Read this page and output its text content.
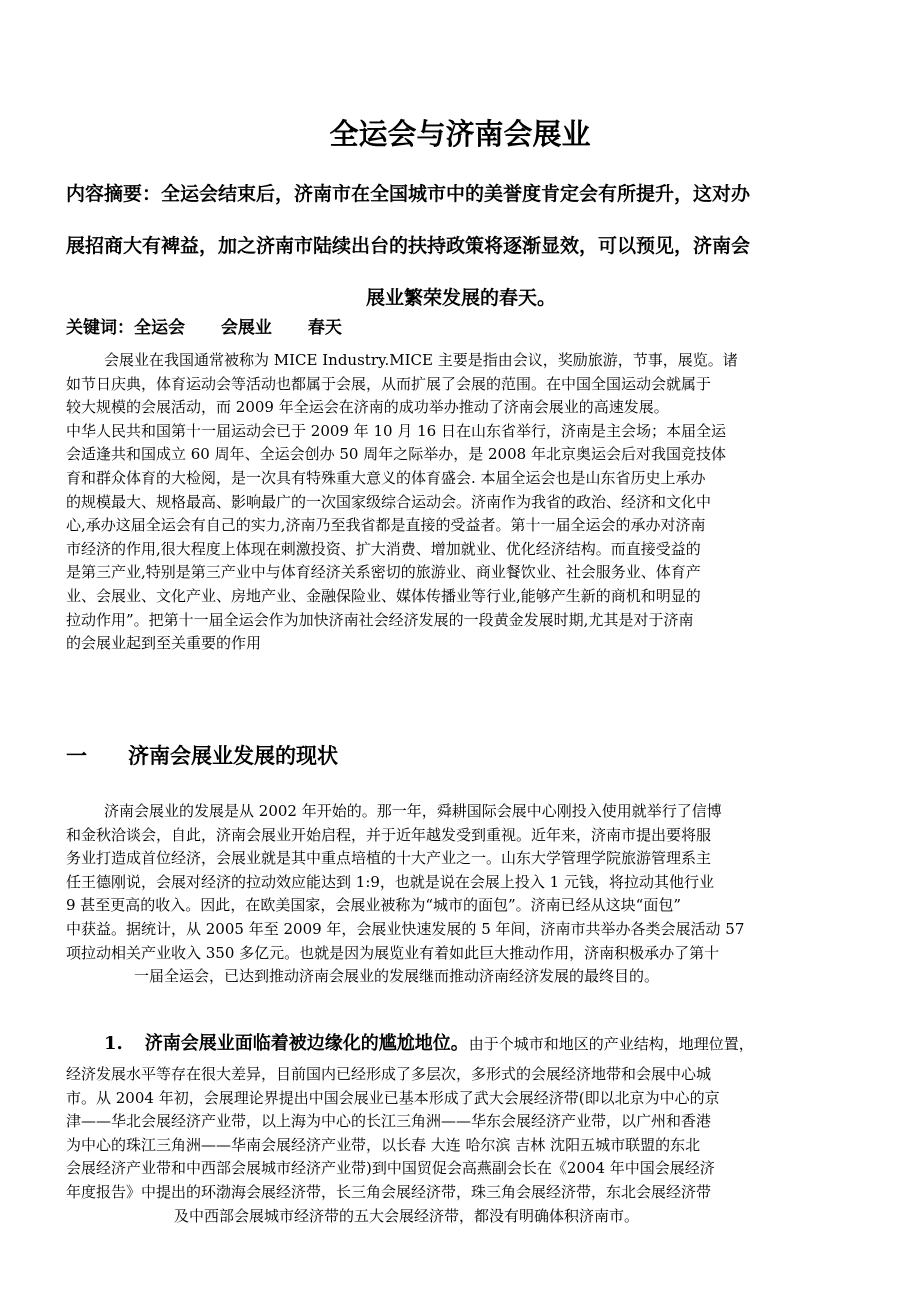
全运会与济南会展业
内容摘要：全运会结束后，济南市在全国城市中的美誉度肯定会有所提升，这对办
展招商大有裨益，加之济南市陆续出台的扶持政策将逐渐显效，可以预见，济南会
展业繁荣发展的春天。
关键词：全运会 会展业 春天
会展业在我国通常被称为 MICE Industry.MICE 主要是指由会议，奖励旅游，节事，展览。诸
如节日庆典，体育运动会等活动也都属于会展，从而扩展了会展的范围。在中国全国运动会就属于
较大规模的会展活动，而 2009 年全运会在济南的成功举办推动了济南会展业的高速发展。
中华人民共和国第十一届运动会已于 2009 年 10 月 16 日在山东省举行，济南是主会场；本届全运
会适逢共和国成立 60 周年、全运会创办 50 周年之际举办，是 2008 年北京奥运会后对我国竞技体
育和群众体育的大检阅，是一次具有特殊重大意义的体育盛会. 本届全运会也是山东省历史上承办
的规模最大、规格最高、影响最广的一次国家级综合运动会。济南作为我省的政治、经济和文化中
心,承办这届全运会有自己的实力,济南乃至我省都是直接的受益者。第十一届全运会的承办对济南
市经济的作用,很大程度上体现在刺激投资、扩大消费、增加就业、优化经济结构。而直接受益的
是第三产业,特别是第三产业中与体育经济关系密切的旅游业、商业餐饮业、社会服务业、体育产
业、会展业、文化产业、房地产业、金融保险业、媒体传播业等行业,能够产生新的商机和明显的
拉动作用”。把第十一届全运会作为加快济南社会经济发展的一段黄金发展时期,尤其是对于济南
的会展业起到至关重要的作用
一 济南会展业发展的现状
济南会展业的发展是从 2002 年开始的。那一年，舜耕国际会展中心刚投入使用就举行了信博
和金秋洽谈会，自此，济南会展业开始启程，并于近年越发受到重视。近年来，济南市提出要将服
务业打造成首位经济，会展业就是其中重点培植的十大产业之一。山东大学管理学院旅游管理系主
任王德刚说，会展对经济的拉动效应能达到 1:9，也就是说在会展上投入 1 元钱，将拉动其他行业
9 甚至更高的收入。因此，在欧美国家，会展业被称为“城市的面包”。济南已经从这块“面包”
中获益。据统计，从 2005 年至 2009 年，会展业快速发展的 5 年间，济南市共举办各类会展活动 57
项拉动相关产业收入 350 多亿元。也就是因为展览业有着如此巨大推动作用，济南积极承办了第十
一届全运会，已达到推动济南会展业的发展继而推动济南经济发展的最终目的。

1. 济南会展业面临着被边缘化的尴尬地位。由于个城市和地区的产业结构，地理位置，

经济发展水平等存在很大差异，目前国内已经形成了多层次，多形式的会展经济地带和会展中心城
市。从 2004 年初，会展理论界提出中国会展业已基本形成了武大会展经济带(即以北京为中心的京
津——华北会展经济产业带，以上海为中心的长江三角洲——华东会展经济产业带，以广州和香港
为中心的珠江三角洲——华南会展经济产业带，以长春 大连 哈尔滨 吉林 沈阳五城市联盟的东北
会展经济产业带和中西部会展城市经济产业带)到中国贸促会高燕副会长在《2004 年中国会展经济
年度报告》中提出的环渤海会展经济带，长三角会展经济带，珠三角会展经济带，东北会展经济带
及中西部会展城市经济带的五大会展经济带，都没有明确体积济南市。
